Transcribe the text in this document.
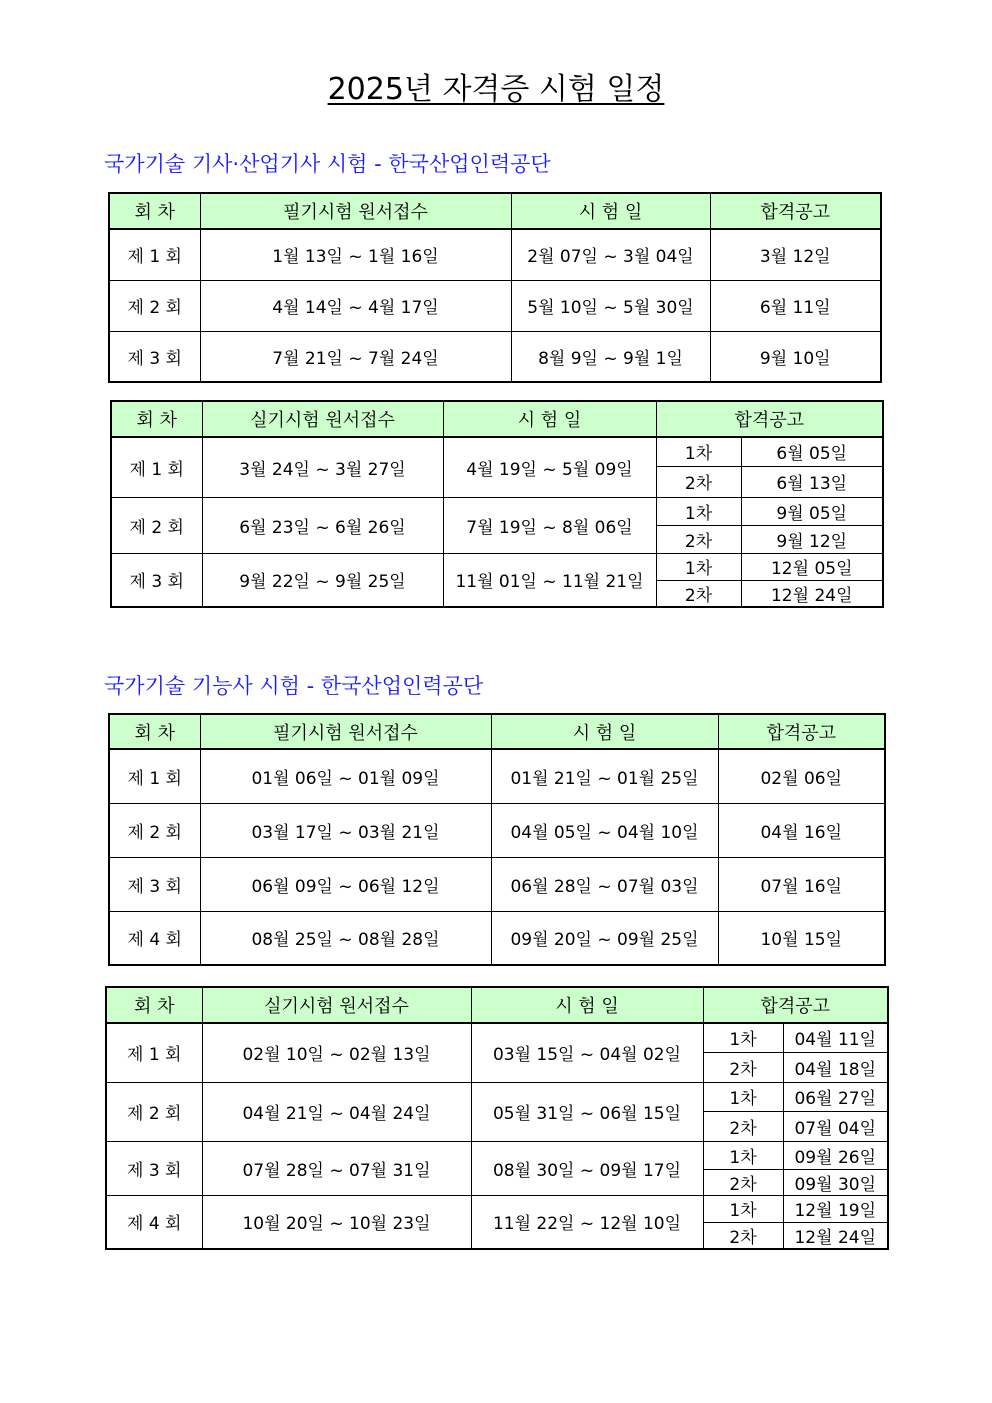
2025년 자격증 시험 일정
국가기술 기사·산업기사 시험 - 한국산업인력공단
회 차	필기시험 원서접수	시 험 일	합격공고
제 1 회	1월 13일 ~ 1월 16일	2월 07일 ~ 3월 04일	3월 12일
제 2 회	4월 14일 ~ 4월 17일	5월 10일 ~ 5월 30일	6월 11일
제 3 회	7월 21일 ~ 7월 24일	8월 9일 ~ 9월 1일	9월 10일
회 차	실기시험 원서접수	시 험 일	합격공고	
제 1 회	3월 24일 ~ 3월 27일	4월 19일 ~ 5월 09일	1차	6월 05일
			2차	6월 13일
제 2 회	6월 23일 ~ 6월 26일	7월 19일 ~ 8월 06일	1차	9월 05일
			2차	9월 12일
제 3 회	9월 22일 ~ 9월 25일	11월 01일 ~ 11월 21일	1차	12월 05일
			2차	12월 24일
국가기술 기능사 시험 - 한국산업인력공단
회 차	필기시험 원서접수	시 험 일	합격공고
제 1 회	01월 06일 ~ 01월 09일	01월 21일 ~ 01월 25일	02월 06일
제 2 회	03월 17일 ~ 03월 21일	04월 05일 ~ 04월 10일	04월 16일
제 3 회	06월 09일 ~ 06월 12일	06월 28일 ~ 07월 03일	07월 16일
제 4 회	08월 25일 ~ 08월 28일	09월 20일 ~ 09월 25일	10월 15일
회 차	실기시험 원서접수	시 험 일	합격공고	
제 1 회	02월 10일 ~ 02월 13일	03월 15일 ~ 04월 02일	1차	04월 11일
			2차	04월 18일
제 2 회	04월 21일 ~ 04월 24일	05월 31일 ~ 06월 15일	1차	06월 27일
			2차	07월 04일
제 3 회	07월 28일 ~ 07월 31일	08월 30일 ~ 09월 17일	1차	09월 26일
			2차	09월 30일
제 4 회	10월 20일 ~ 10월 23일	11월 22일 ~ 12월 10일	1차	12월 19일
			2차	12월 24일
